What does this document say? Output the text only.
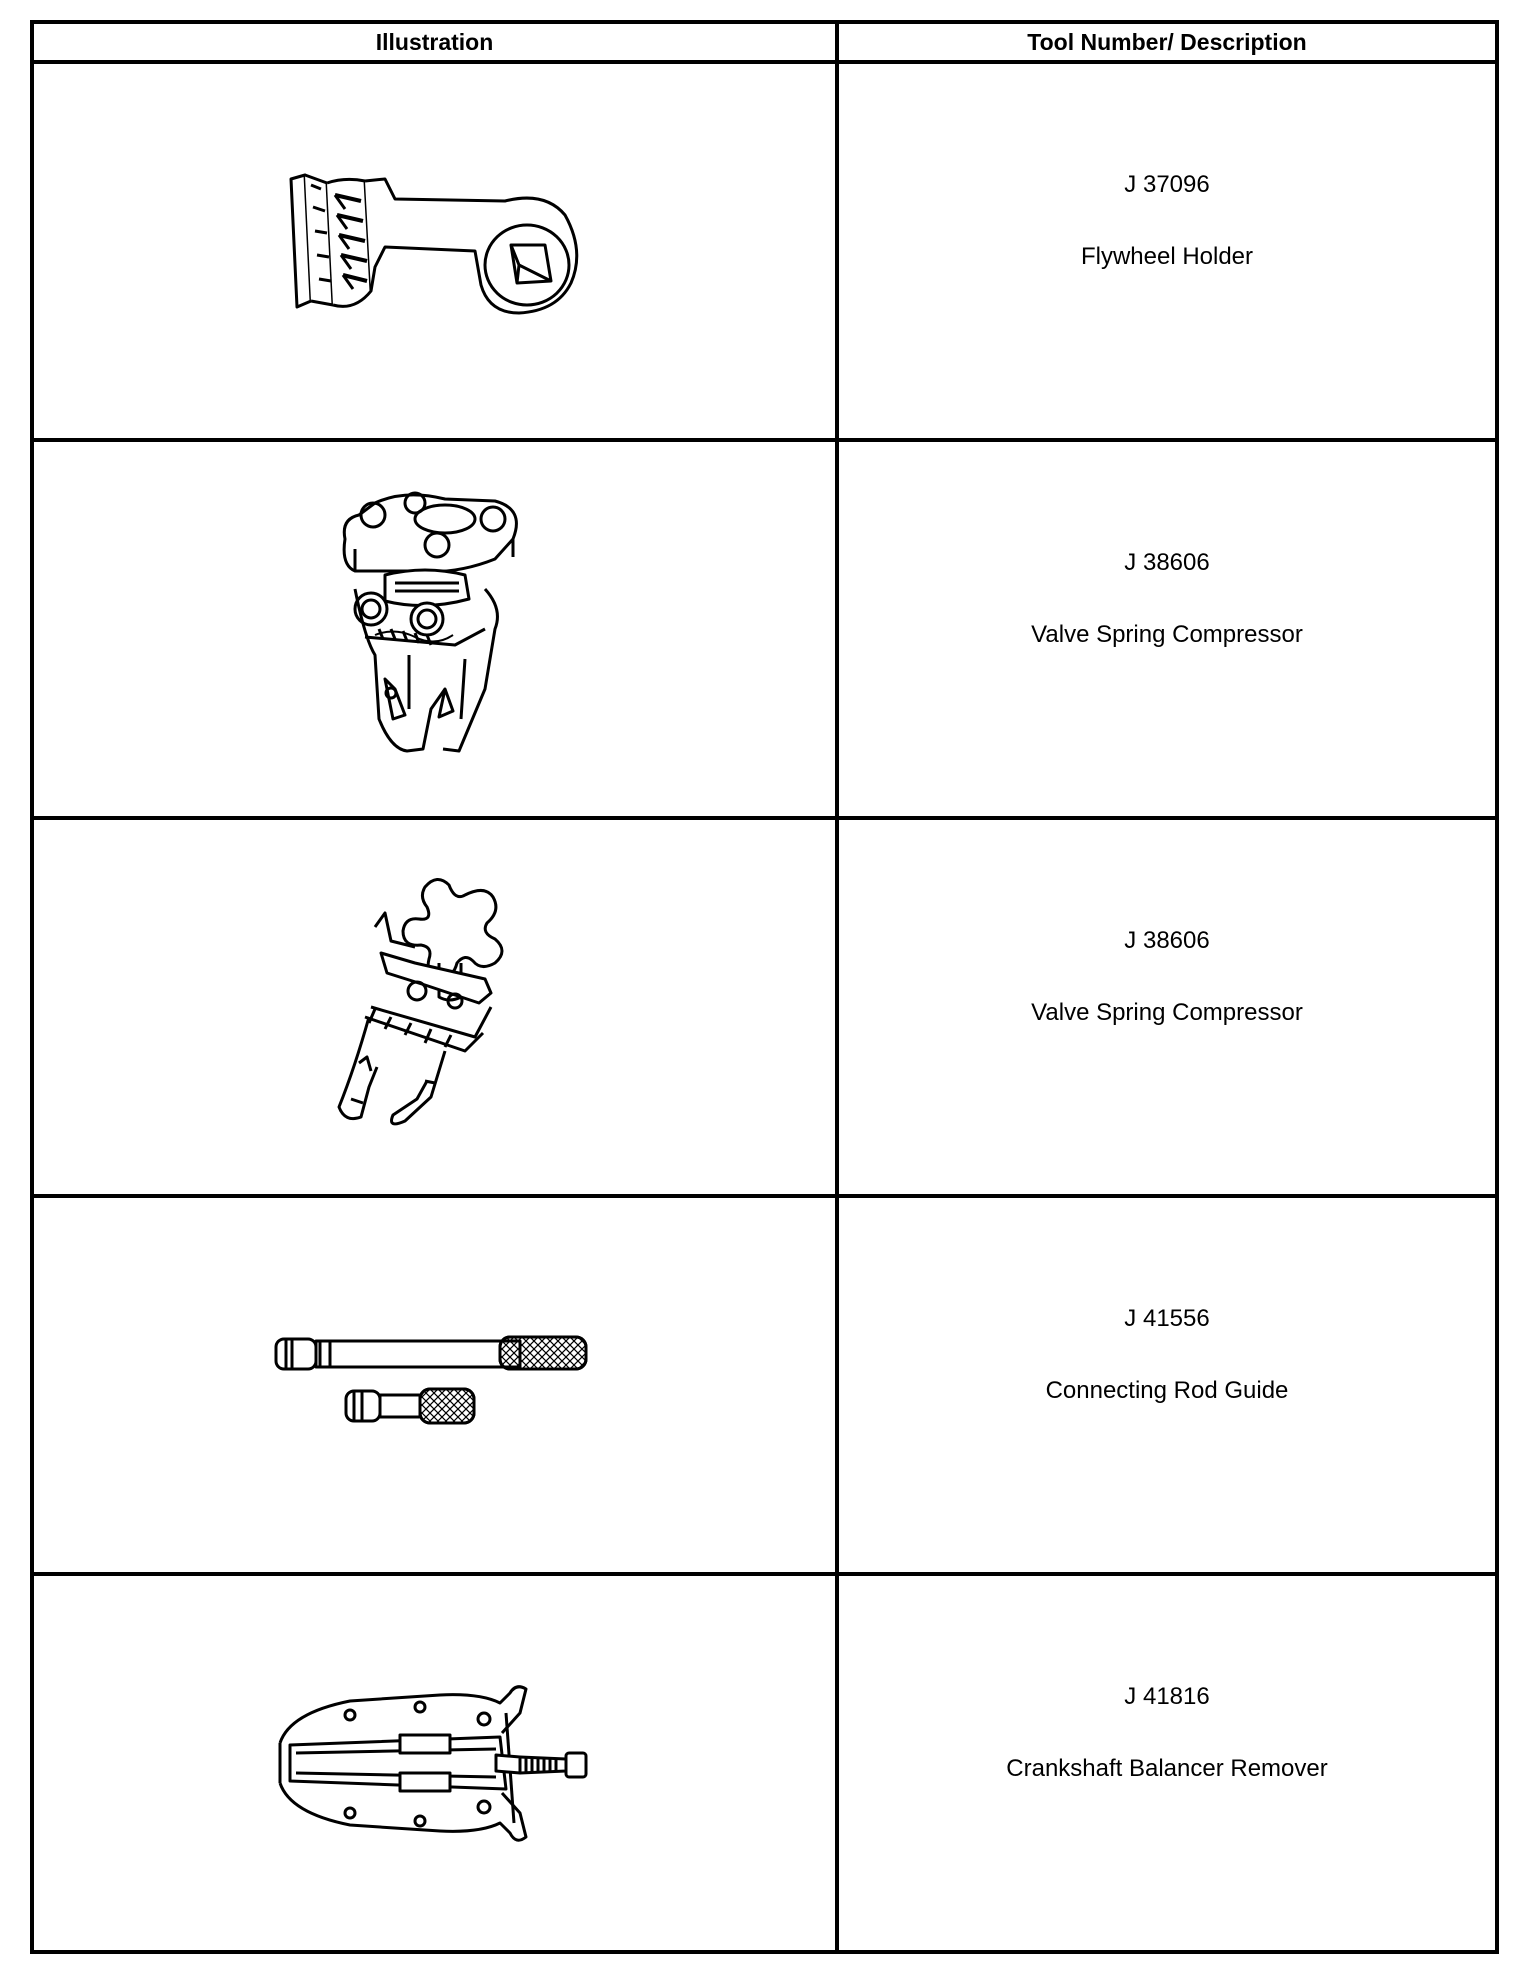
Illustration	Tool Number/ Description

J 37096
Flywheel Holder

J 38606
Valve Spring Compressor

J 38606
Valve Spring Compressor

J 41556
Connecting Rod Guide

J 41816
Crankshaft Balancer Remover
